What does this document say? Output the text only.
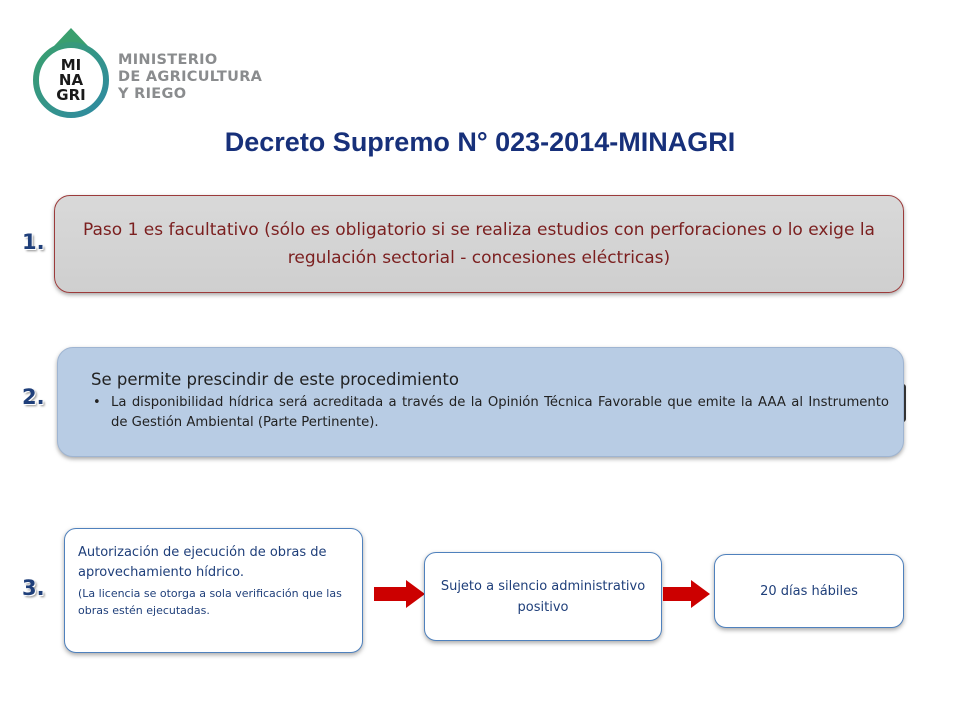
MI
NA
GRI
MINISTERIO
DE AGRICULTURA
Y RIEGO
Decreto Supremo N° 023-2014-MINAGRI
1.	Paso 1 es facultativo (sólo es obligatorio si se realiza estudios con perforaciones o lo exige la regulación sectorial - concesiones eléctricas)
2.
Se permite prescindir de este procedimiento
• La disponibilidad hídrica será acreditada a través de la Opinión Técnica Favorable que emite la AAA al Instrumento de Gestión Ambiental (Parte Pertinente).
3.
Autorización de ejecución de obras de aprovechamiento hídrico.
(La licencia se otorga a sola verificación que las obras estén ejecutadas.
Sujeto a silencio administrativo positivo
20 días hábiles
